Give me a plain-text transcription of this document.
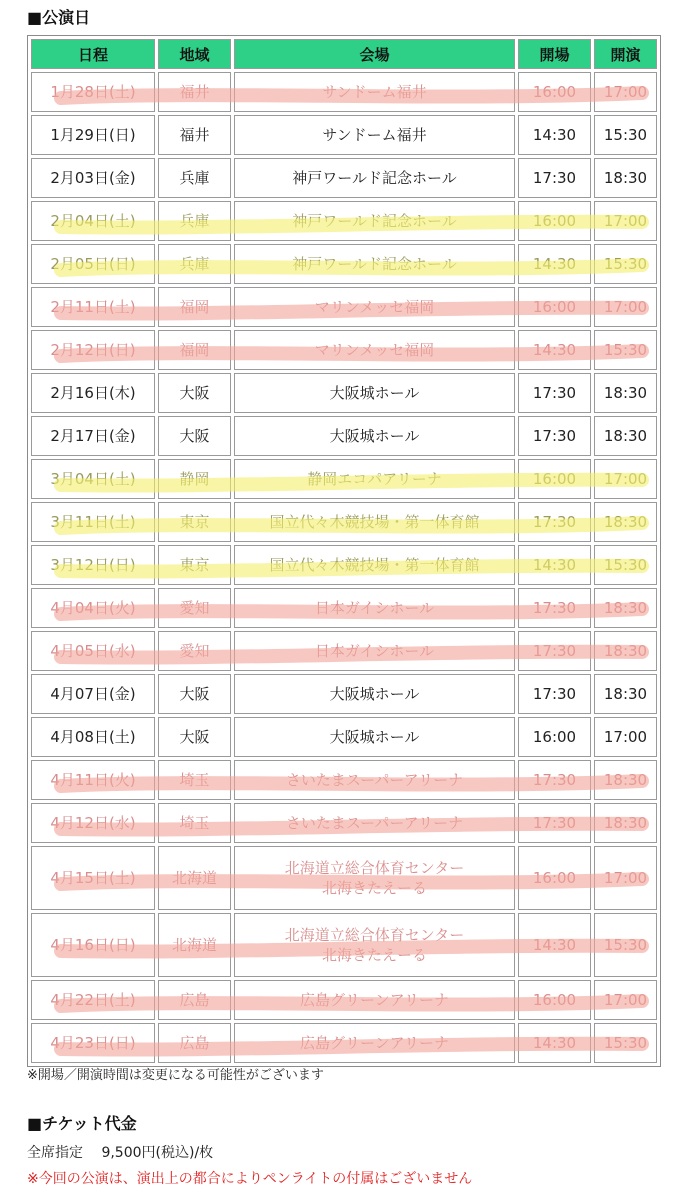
■公演日
日程	地域	会場	開場	開演
1月28日(土)	福井	サンドーム福井	16:00	17:00
1月29日(日)	福井	サンドーム福井	14:30	15:30
2月03日(金)	兵庫	神戸ワールド記念ホール	17:30	18:30
2月04日(土)	兵庫	神戸ワールド記念ホール	16:00	17:00
2月05日(日)	兵庫	神戸ワールド記念ホール	14:30	15:30
2月11日(土)	福岡	マリンメッセ福岡	16:00	17:00
2月12日(日)	福岡	マリンメッセ福岡	14:30	15:30
2月16日(木)	大阪	大阪城ホール	17:30	18:30
2月17日(金)	大阪	大阪城ホール	17:30	18:30
3月04日(土)	静岡	静岡エコパアリーナ	16:00	17:00
3月11日(土)	東京	国立代々木競技場・第一体育館	17:30	18:30
3月12日(日)	東京	国立代々木競技場・第一体育館	14:30	15:30
4月04日(火)	愛知	日本ガイシホール	17:30	18:30
4月05日(水)	愛知	日本ガイシホール	17:30	18:30
4月07日(金)	大阪	大阪城ホール	17:30	18:30
4月08日(土)	大阪	大阪城ホール	16:00	17:00
4月11日(火)	埼玉	さいたまスーパーアリーナ	17:30	18:30
4月12日(水)	埼玉	さいたまスーパーアリーナ	17:30	18:30
4月15日(土)	北海道	北海道立総合体育センター
北海きたえーる	16:00	17:00
4月16日(日)	北海道	北海道立総合体育センター
北海きたえーる	14:30	15:30
4月22日(土)	広島	広島グリーンアリーナ	16:00	17:00
4月23日(日)	広島	広島グリーンアリーナ	14:30	15:30
※開場／開演時間は変更になる可能性がございます
■チケット代金
全席指定 9,500円(税込)/枚
※今回の公演は、演出上の都合によりペンライトの付属はございません
